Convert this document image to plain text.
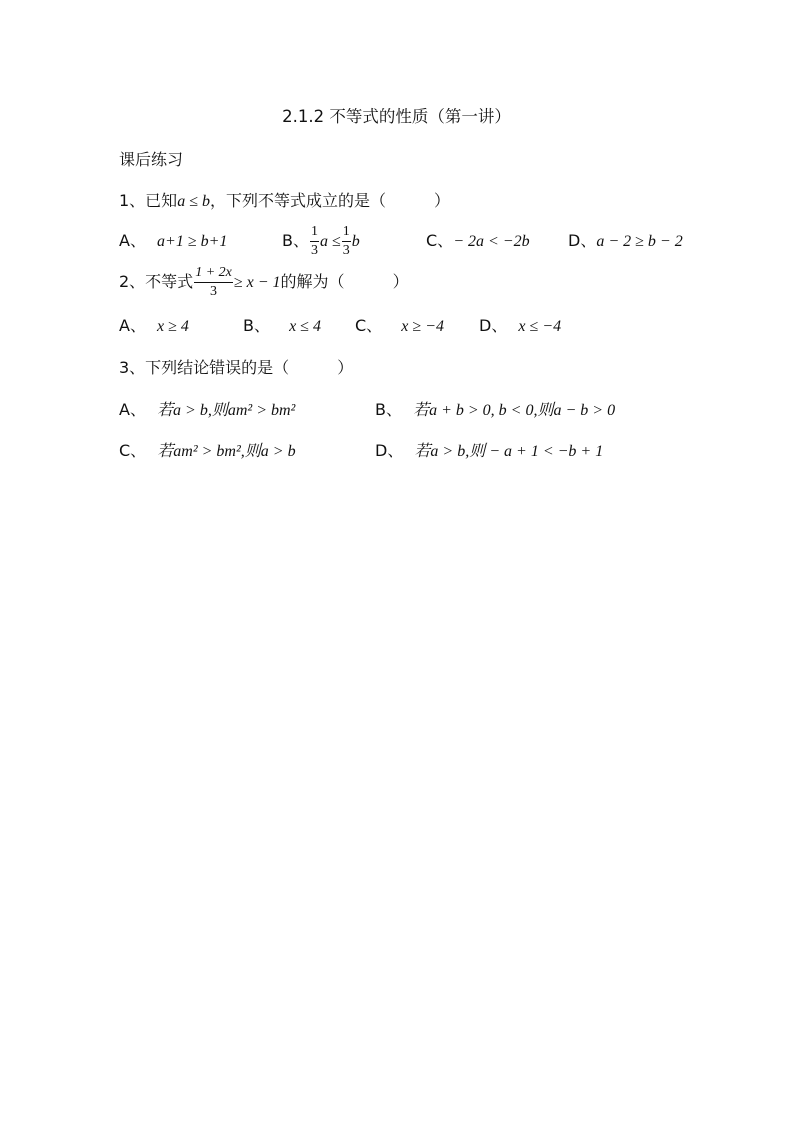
2.1.2 不等式的性质（第一讲）
课后练习
1、已知a ≤ b，下列不等式成立的是（	）
A、 a+1 ≥ b+1	B、 $\frac{1}{3}$ $a \le \frac{1}{3}$ b	C、− 2a < −2b D、a − 2 ≥ b − 2
2、不等式 $\frac{1 + 2x}{3} \ge x - 1$的解为（	）
A、 x ≥ 4	B、 x ≤ 4 C、 x ≥ −4 D、 x ≤ −4
3、下列结论错误的是（	）
A、 若a > b,则am² > bm²	B、 若a + b > 0, b < 0,则a − b > 0
C、 若am² > bm²,则a > b	D、 若a > b,则 − a + 1 < −b + 1
